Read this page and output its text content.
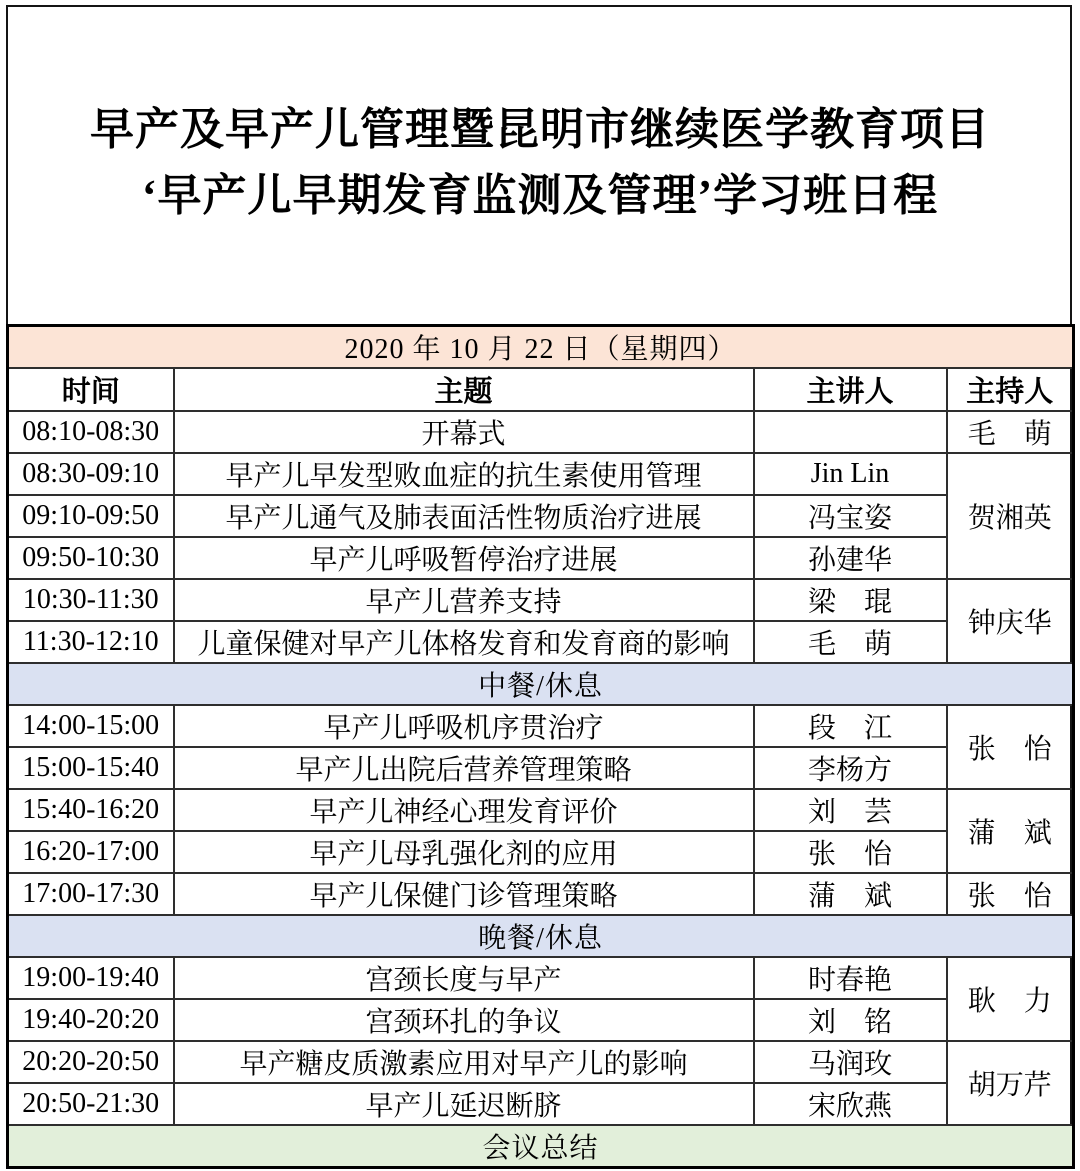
早产及早产儿管理暨昆明市继续医学教育项目
‘早产儿早期发育监测及管理’学习班日程
2020 年 10 月 22 日（星期四）			
时间	主题	主讲人	主持人
08:10-08:30	开幕式		毛　萌
08:30-09:10	早产儿早发型败血症的抗生素使用管理	Jin Lin	贺湘英
09:10-09:50	早产儿通气及肺表面活性物质治疗进展	冯宝姿	
09:50-10:30	早产儿呼吸暂停治疗进展	孙建华	
10:30-11:30	早产儿营养支持	梁　琨	钟庆华
11:30-12:10	儿童保健对早产儿体格发育和发育商的影响	毛　萌	
中餐/休息			
14:00-15:00	早产儿呼吸机序贯治疗	段　江	张　怡
15:00-15:40	早产儿出院后营养管理策略	李杨方	
15:40-16:20	早产儿神经心理发育评价	刘　芸	蒲　斌
16:20-17:00	早产儿母乳强化剂的应用	张　怡	
17:00-17:30	早产儿保健门诊管理策略	蒲　斌	张　怡
晚餐/休息			
19:00-19:40	宫颈长度与早产	时春艳	耿　力
19:40-20:20	宫颈环扎的争议	刘　铭	
20:20-20:50	早产糖皮质激素应用对早产儿的影响	马润玫	胡万芹
20:50-21:30	早产儿延迟断脐	宋欣燕	
会议总结			
